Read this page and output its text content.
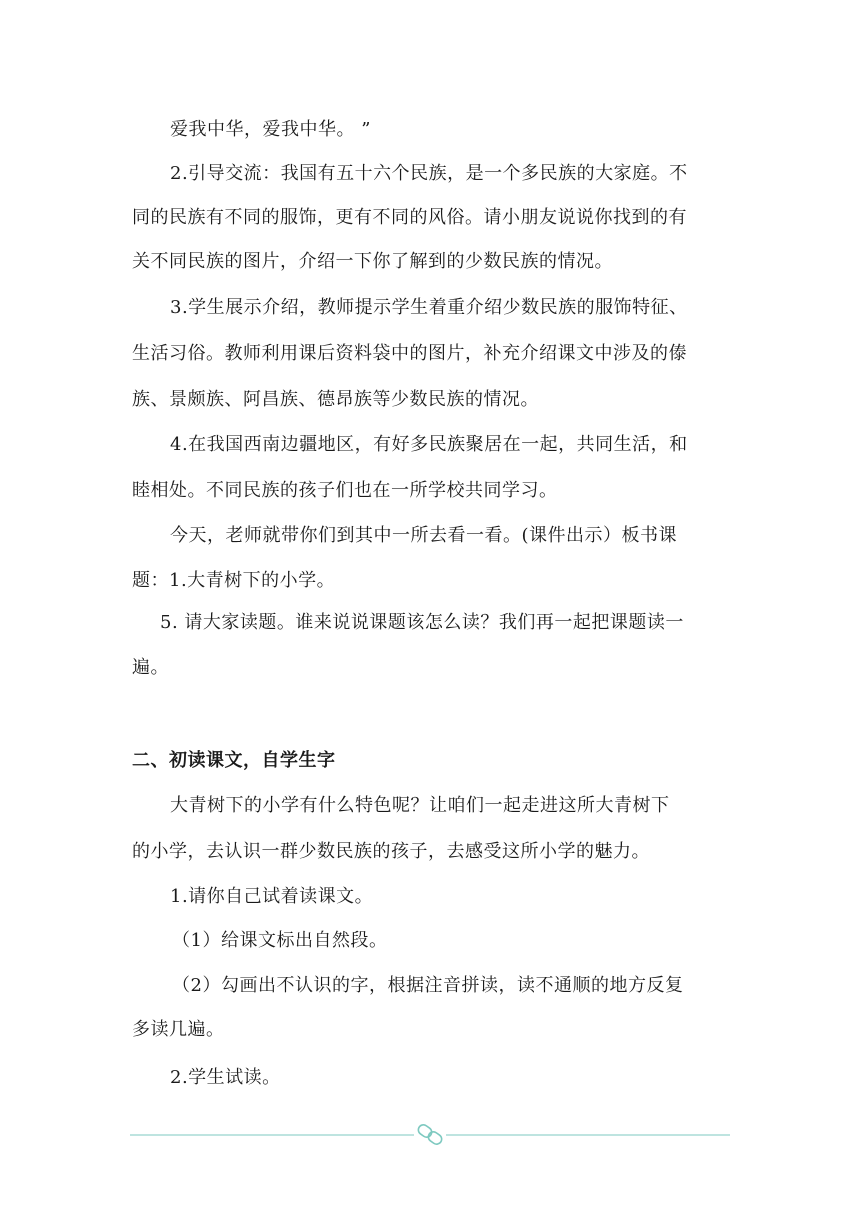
爱我中华，爱我中华。 ”
2.引导交流：我国有五十六个民族，是一个多民族的大家庭。不
同的民族有不同的服饰，更有不同的风俗。请小朋友说说你找到的有
关不同民族的图片，介绍一下你了解到的少数民族的情况。
3.学生展示介绍，教师提示学生着重介绍少数民族的服饰特征、
生活习俗。教师利用课后资料袋中的图片，补充介绍课文中涉及的傣
族、景颇族、阿昌族、德昂族等少数民族的情况。
4.在我国西南边疆地区，有好多民族聚居在一起，共同生活，和
睦相处。不同民族的孩子们也在一所学校共同学习。
今天，老师就带你们到其中一所去看一看。(课件出示）板书课
题：1.大青树下的小学。
5. 请大家读题。谁来说说课题该怎么读？我们再一起把课题读一
遍。
二、初读课文，自学生字
大青树下的小学有什么特色呢？让咱们一起走进这所大青树下
的小学，去认识一群少数民族的孩子，去感受这所小学的魅力。
1.请你自己试着读课文。
（1）给课文标出自然段。
（2）勾画出不认识的字，根据注音拼读，读不通顺的地方反复
多读几遍。
2.学生试读。
